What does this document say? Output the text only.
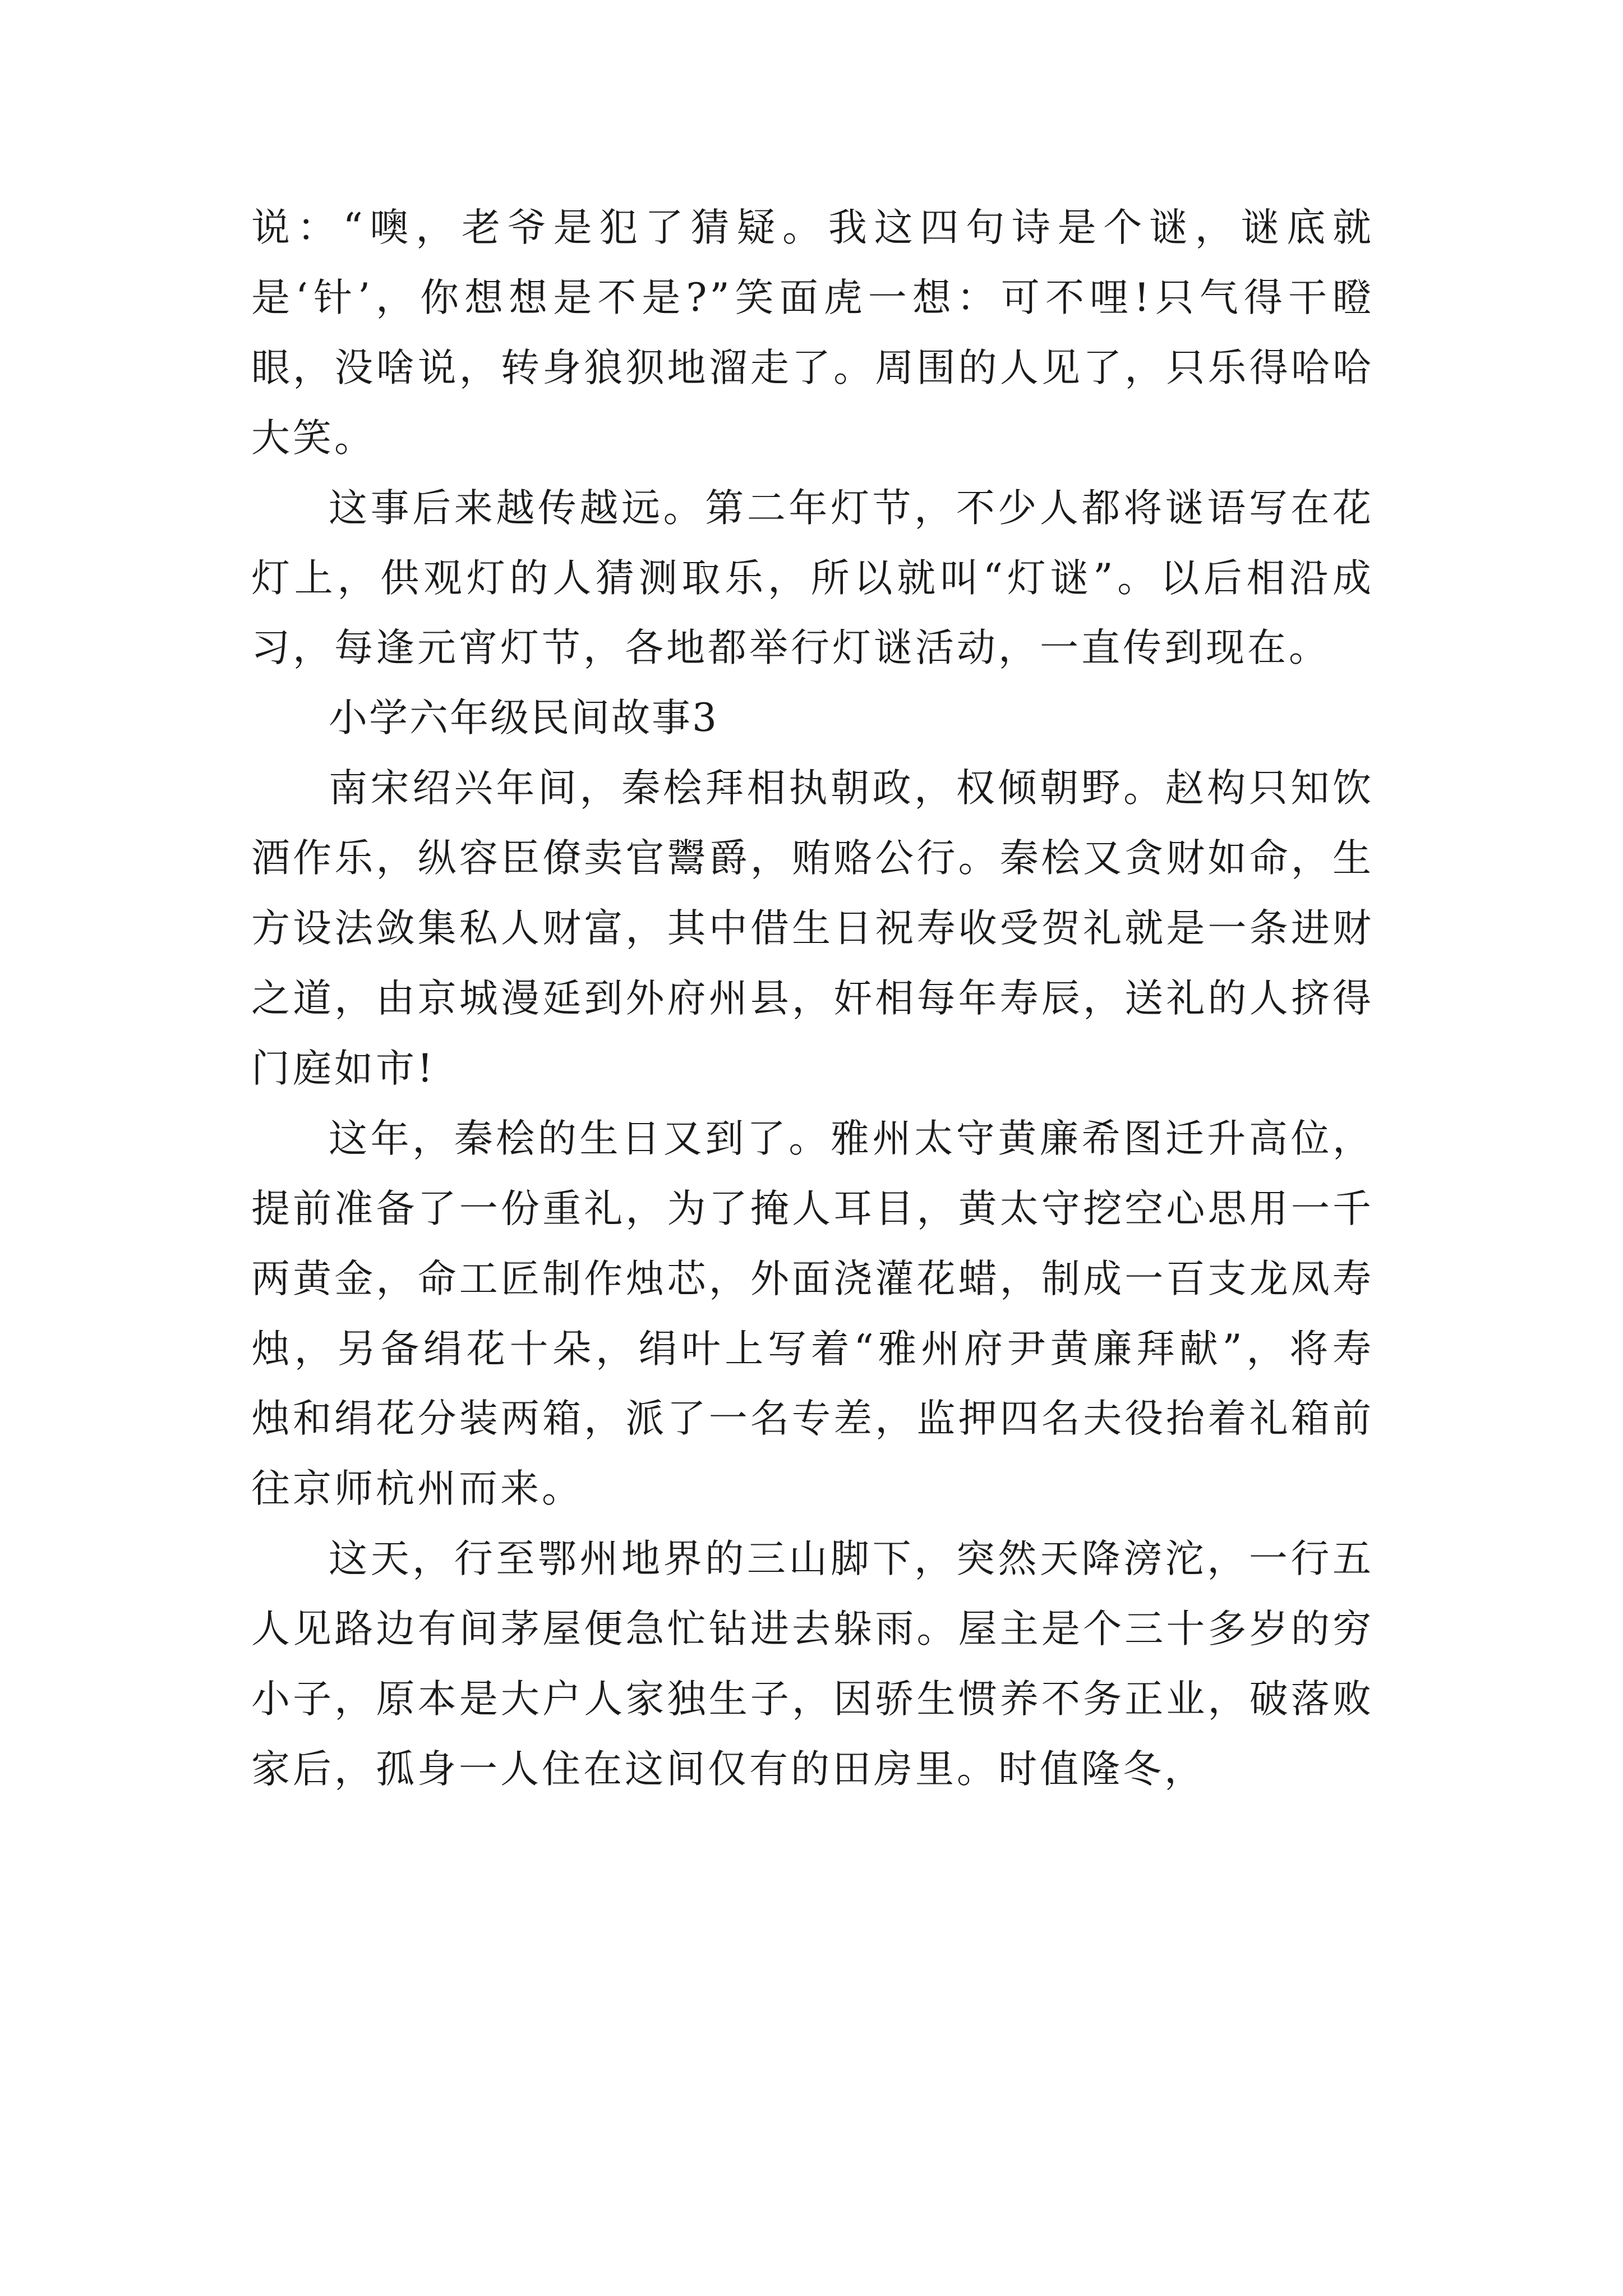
说：“噢，老爷是犯了猜疑。我这四句诗是个谜，谜底就是‘针’，你想想是不是?”笑面虎一想：可不哩!只气得干瞪眼，没啥说，转身狼狈地溜走了。周围的人见了，只乐得哈哈大笑。

这事后来越传越远。第二年灯节，不少人都将谜语写在花灯上，供观灯的人猜测取乐，所以就叫“灯谜”。以后相沿成习，每逢元宵灯节，各地都举行灯谜活动，一直传到现在。

小学六年级民间故事3

南宋绍兴年间，秦桧拜相执朝政，权倾朝野。赵构只知饮酒作乐，纵容臣僚卖官鬻爵，贿赂公行。秦桧又贪财如命，生方设法敛集私人财富，其中借生日祝寿收受贺礼就是一条进财之道，由京城漫延到外府州县，奸相每年寿辰，送礼的人挤得门庭如市!

这年，秦桧的生日又到了。雅州太守黄廉希图迁升高位，提前准备了一份重礼，为了掩人耳目，黄太守挖空心思用一千两黄金，命工匠制作烛芯，外面浇灌花蜡，制成一百支龙凤寿烛，另备绢花十朵，绢叶上写着“雅州府尹黄廉拜献”，将寿烛和绢花分装两箱，派了一名专差，监押四名夫役抬着礼箱前往京师杭州而来。

这天，行至鄂州地界的三山脚下，突然天降滂沱，一行五人见路边有间茅屋便急忙钻进去躲雨。屋主是个三十多岁的穷小子，原本是大户人家独生子，因骄生惯养不务正业，破落败家后，孤身一人住在这间仅有的田房里。时值隆冬，
